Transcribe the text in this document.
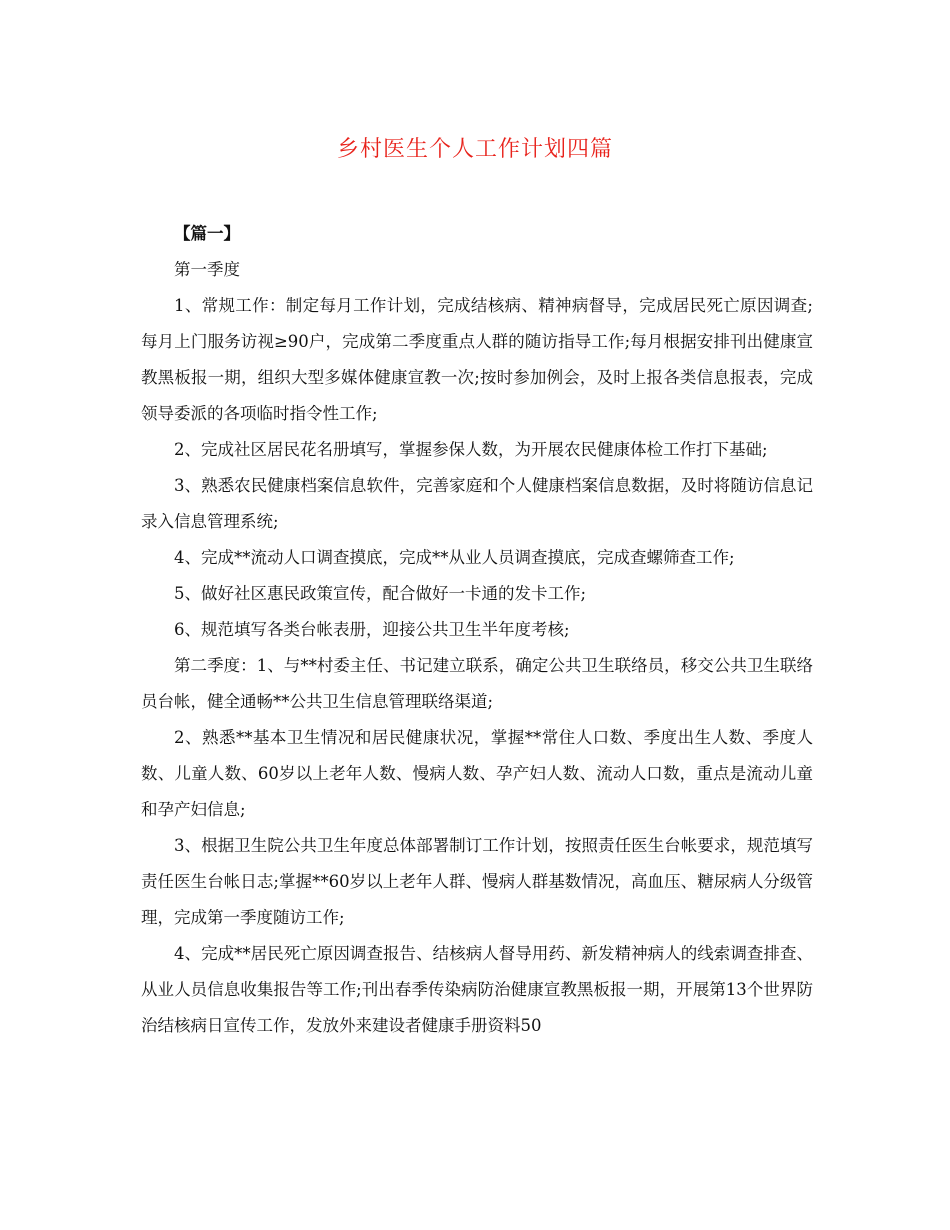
乡村医生个人工作计划四篇

【篇一】

第一季度

1、常规工作：制定每月工作计划，完成结核病、精神病督导，完成居民死亡原因调查;每月上门服务访视≥90户，完成第二季度重点人群的随访指导工作;每月根据安排刊出健康宣教黑板报一期，组织大型多媒体健康宣教一次;按时参加例会，及时上报各类信息报表，完成领导委派的各项临时指令性工作;

2、完成社区居民花名册填写，掌握参保人数，为开展农民健康体检工作打下基础;

3、熟悉农民健康档案信息软件，完善家庭和个人健康档案信息数据，及时将随访信息记录入信息管理系统;

4、完成**流动人口调查摸底，完成**从业人员调查摸底，完成查螺筛查工作;

5、做好社区惠民政策宣传，配合做好一卡通的发卡工作;

6、规范填写各类台帐表册，迎接公共卫生半年度考核;

第二季度：1、与**村委主任、书记建立联系，确定公共卫生联络员，移交公共卫生联络员台帐，健全通畅**公共卫生信息管理联络渠道;

2、熟悉**基本卫生情况和居民健康状况，掌握**常住人口数、季度出生人数、季度人数、儿童人数、60岁以上老年人数、慢病人数、孕产妇人数、流动人口数，重点是流动儿童和孕产妇信息;

3、根据卫生院公共卫生年度总体部署制订工作计划，按照责任医生台帐要求，规范填写责任医生台帐日志;掌握**60岁以上老年人群、慢病人群基数情况，高血压、糖尿病人分级管理，完成第一季度随访工作;

4、完成**居民死亡原因调查报告、结核病人督导用药、新发精神病人的线索调查排查、从业人员信息收集报告等工作;刊出春季传染病防治健康宣教黑板报一期，开展第13个世界防治结核病日宣传工作，发放外来建设者健康手册资料50
